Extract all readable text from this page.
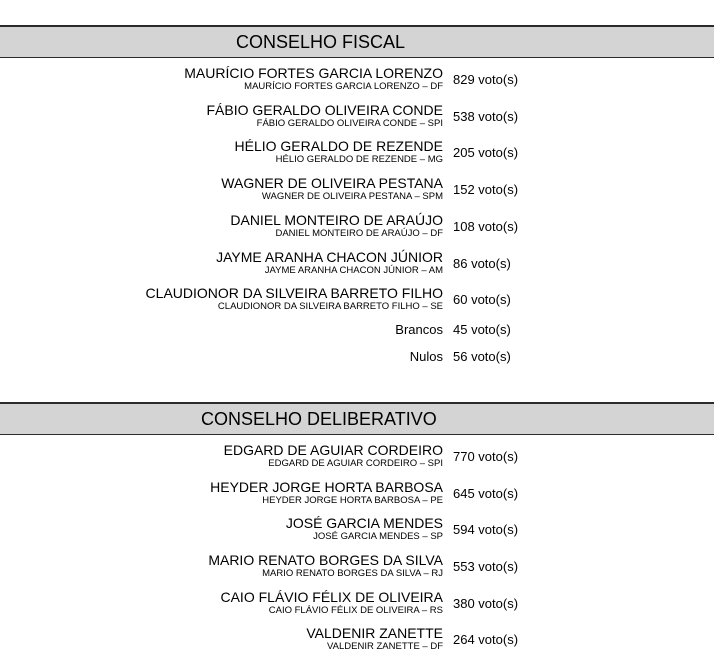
CONSELHO FISCAL
MAURÍCIO FORTES GARCIA LORENZO
MAURÍCIO FORTES GARCIA LORENZO – DF 829 voto(s)
FÁBIO GERALDO OLIVEIRA CONDE
FÁBIO GERALDO OLIVEIRA CONDE – SPI 538 voto(s)
HÉLIO GERALDO DE REZENDE
HÉLIO GERALDO DE REZENDE – MG 205 voto(s)
WAGNER DE OLIVEIRA PESTANA
WAGNER DE OLIVEIRA PESTANA – SPM 152 voto(s)
DANIEL MONTEIRO DE ARAÚJO
DANIEL MONTEIRO DE ARAÚJO – DF 108 voto(s)
JAYME ARANHA CHACON JÚNIOR
JAYME ARANHA CHACON JÚNIOR – AM 86 voto(s)
CLAUDIONOR DA SILVEIRA BARRETO FILHO
CLAUDIONOR DA SILVEIRA BARRETO FILHO – SE 60 voto(s)
Brancos 45 voto(s)
Nulos 56 voto(s)
CONSELHO DELIBERATIVO
EDGARD DE AGUIAR CORDEIRO
EDGARD DE AGUIAR CORDEIRO – SPI 770 voto(s)
HEYDER JORGE HORTA BARBOSA
HEYDER JORGE HORTA BARBOSA – PE 645 voto(s)
JOSÉ GARCIA MENDES
JOSÉ GARCIA MENDES – SP 594 voto(s)
MARIO RENATO BORGES DA SILVA
MARIO RENATO BORGES DA SILVA – RJ 553 voto(s)
CAIO FLÁVIO FÉLIX DE OLIVEIRA
CAIO FLÁVIO FÉLIX DE OLIVEIRA – RS 380 voto(s)
VALDENIR ZANETTE
VALDENIR ZANETTE – DF 264 voto(s)
